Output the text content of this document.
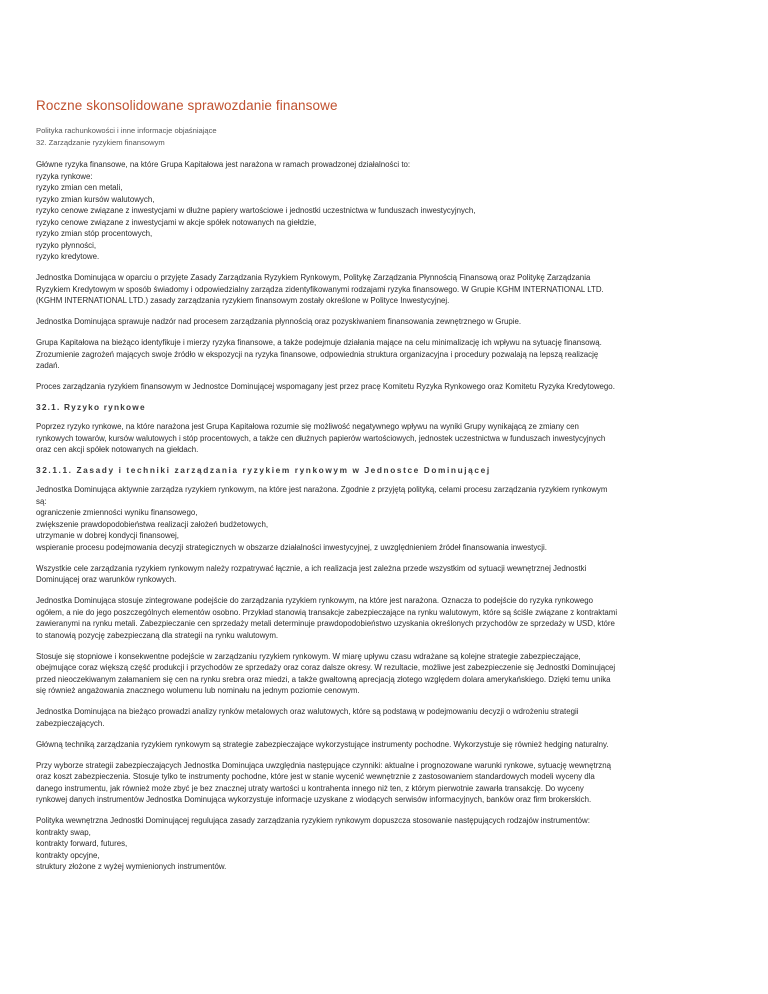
Roczne skonsolidowane sprawozdanie finansowe
Polityka rachunkowości i inne informacje objaśniające
32. Zarządzanie ryzykiem finansowym
Główne ryzyka finansowe, na które Grupa Kapitałowa jest narażona w ramach prowadzonej działalności to:
ryzyka rynkowe:
ryzyko zmian cen metali,
ryzyko zmian kursów walutowych,
ryzyko cenowe związane z inwestycjami w dłużne papiery wartościowe i jednostki uczestnictwa w funduszach inwestycyjnych,
ryzyko cenowe związane z inwestycjami w akcje spółek notowanych na giełdzie,
ryzyko zmian stóp procentowych,
ryzyko płynności,
ryzyko kredytowe.
Jednostka Dominująca w oparciu o przyjęte Zasady Zarządzania Ryzykiem Rynkowym, Politykę Zarządzania Płynnością Finansową oraz Politykę Zarządzania
Ryzykiem Kredytowym w sposób świadomy i odpowiedzialny zarządza zidentyfikowanymi rodzajami ryzyka finansowego. W Grupie KGHM INTERNATIONAL LTD.
(KGHM INTERNATIONAL LTD.) zasady zarządzania ryzykiem finansowym zostały określone w Polityce Inwestycyjnej.
Jednostka Dominująca sprawuje nadzór nad procesem zarządzania płynnością oraz pozyskiwaniem finansowania zewnętrznego w Grupie.
Grupa Kapitałowa na bieżąco identyfikuje i mierzy ryzyka finansowe, a także podejmuje działania mające na celu minimalizację ich wpływu na sytuację finansową.
Zrozumienie zagrożeń mających swoje źródło w ekspozycji na ryzyka finansowe, odpowiednia struktura organizacyjna i procedury pozwalają na lepszą realizację
zadań.
Proces zarządzania ryzykiem finansowym w Jednostce Dominującej wspomagany jest przez pracę Komitetu Ryzyka Rynkowego oraz Komitetu Ryzyka Kredytowego.
32.1. Ryzyko rynkowe
Poprzez ryzyko rynkowe, na które narażona jest Grupa Kapitałowa rozumie się możliwość negatywnego wpływu na wyniki Grupy wynikającą ze zmiany cen
rynkowych towarów, kursów walutowych i stóp procentowych, a także cen dłużnych papierów wartościowych, jednostek uczestnictwa w funduszach inwestycyjnych
oraz cen akcji spółek notowanych na giełdach.
32.1.1. Zasady i techniki zarządzania ryzykiem rynkowym w Jednostce Dominującej
Jednostka Dominująca aktywnie zarządza ryzykiem rynkowym, na które jest narażona. Zgodnie z przyjętą polityką, celami procesu zarządzania ryzykiem rynkowym
są:
ograniczenie zmienności wyniku finansowego,
zwiększenie prawdopodobieństwa realizacji założeń budżetowych,
utrzymanie w dobrej kondycji finansowej,
wspieranie procesu podejmowania decyzji strategicznych w obszarze działalności inwestycyjnej, z uwzględnieniem źródeł finansowania inwestycji.
Wszystkie cele zarządzania ryzykiem rynkowym należy rozpatrywać łącznie, a ich realizacja jest zależna przede wszystkim od sytuacji wewnętrznej Jednostki
Dominującej oraz warunków rynkowych.
Jednostka Dominująca stosuje zintegrowane podejście do zarządzania ryzykiem rynkowym, na które jest narażona. Oznacza to podejście do ryzyka rynkowego
ogółem, a nie do jego poszczególnych elementów osobno. Przykład stanowią transakcje zabezpieczające na rynku walutowym, które są ściśle związane z kontraktami
zawieranymi na rynku metali. Zabezpieczanie cen sprzedaży metali determinuje prawdopodobieństwo uzyskania określonych przychodów ze sprzedaży w USD, które
to stanowią pozycję zabezpieczaną dla strategii na rynku walutowym.
Stosuje się stopniowe i konsekwentne podejście w zarządzaniu ryzykiem rynkowym. W miarę upływu czasu wdrażane są kolejne strategie zabezpieczające,
obejmujące coraz większą część produkcji i przychodów ze sprzedaży oraz coraz dalsze okresy. W rezultacie, możliwe jest zabezpieczenie się Jednostki Dominującej
przed nieoczekiwanym załamaniem się cen na rynku srebra oraz miedzi, a także gwałtowną aprecjacją złotego względem dolara amerykańskiego. Dzięki temu unika
się również angażowania znacznego wolumenu lub nominału na jednym poziomie cenowym.
Jednostka Dominująca na bieżąco prowadzi analizy rynków metalowych oraz walutowych, które są podstawą w podejmowaniu decyzji o wdrożeniu strategii
zabezpieczających.
Główną techniką zarządzania ryzykiem rynkowym są strategie zabezpieczające wykorzystujące instrumenty pochodne. Wykorzystuje się również hedging naturalny.
Przy wyborze strategii zabezpieczających Jednostka Dominująca uwzględnia następujące czynniki: aktualne i prognozowane warunki rynkowe, sytuację wewnętrzną
oraz koszt zabezpieczenia. Stosuje tylko te instrumenty pochodne, które jest w stanie wycenić wewnętrznie z zastosowaniem standardowych modeli wyceny dla
danego instrumentu, jak również może zbyć je bez znacznej utraty wartości u kontrahenta innego niż ten, z którym pierwotnie zawarła transakcję. Do wyceny
rynkowej danych instrumentów Jednostka Dominująca wykorzystuje informacje uzyskane z wiodących serwisów informacyjnych, banków oraz firm brokerskich.
Polityka wewnętrzna Jednostki Dominującej regulująca zasady zarządzania ryzykiem rynkowym dopuszcza stosowanie następujących rodzajów instrumentów:
kontrakty swap,
kontrakty forward, futures,
kontrakty opcyjne,
struktury złożone z wyżej wymienionych instrumentów.
